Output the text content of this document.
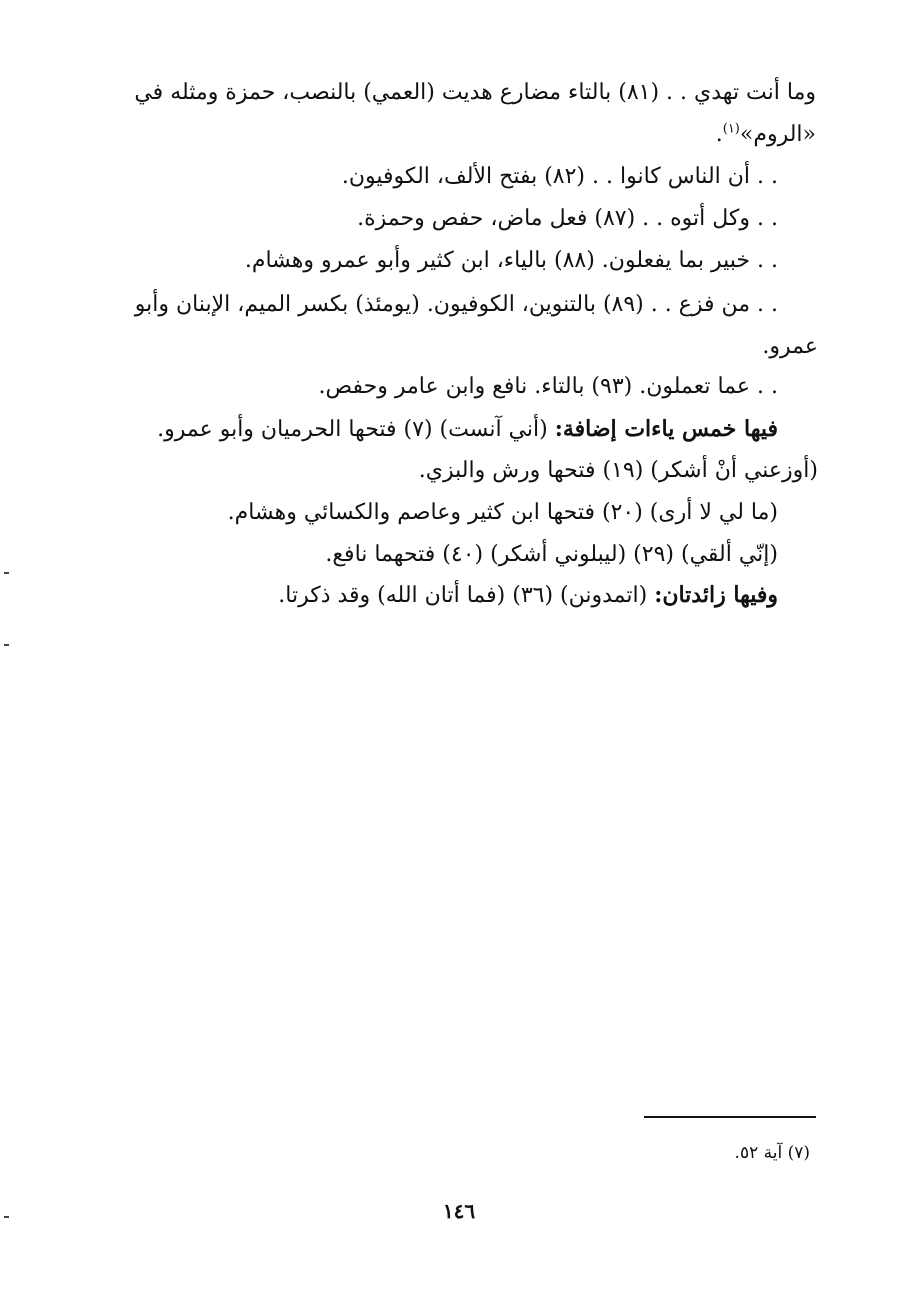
وما أنت تهدي . . (٨١) بالتاء مضارع هديت (العمي) بالنصب، حمزة ومثله في
«الروم»$^{(١)}$.
. . أن الناس كانوا . . (٨٢) بفتح الألف، الكوفيون.
. . وكل أتوه . . (٨٧) فعل ماض، حفص وحمزة.
. . خبير بما يفعلون. (٨٨) بالياء، ابن كثير وأبو عمرو وهشام.
. . من فزع . . (٨٩) بالتنوين، الكوفيون. (يومئذ) بكسر الميم، الإبنان وأبو
عمرو.
. . عما تعملون. (٩٣) بالتاء. نافع وابن عامر وحفص.
فيها خمس ياءات إضافة: (أني آنست) (٧) فتحها الحرميان وأبو عمرو.
(أوزعني أنْ أشكر) (١٩) فتحها ورش والبزي.
(ما لي لا أرى) (٢٠) فتحها ابن كثير وعاصم والكسائي وهشام.
(إنّي ألقي) (٢٩) (ليبلوني أشكر) (٤٠) فتحهما نافع.
وفيها زائدتان: (اتمدونن) (٣٦) (فما أتان الله) وقد ذكرتا.
(٧) آية ٥٢.
١٤٦
